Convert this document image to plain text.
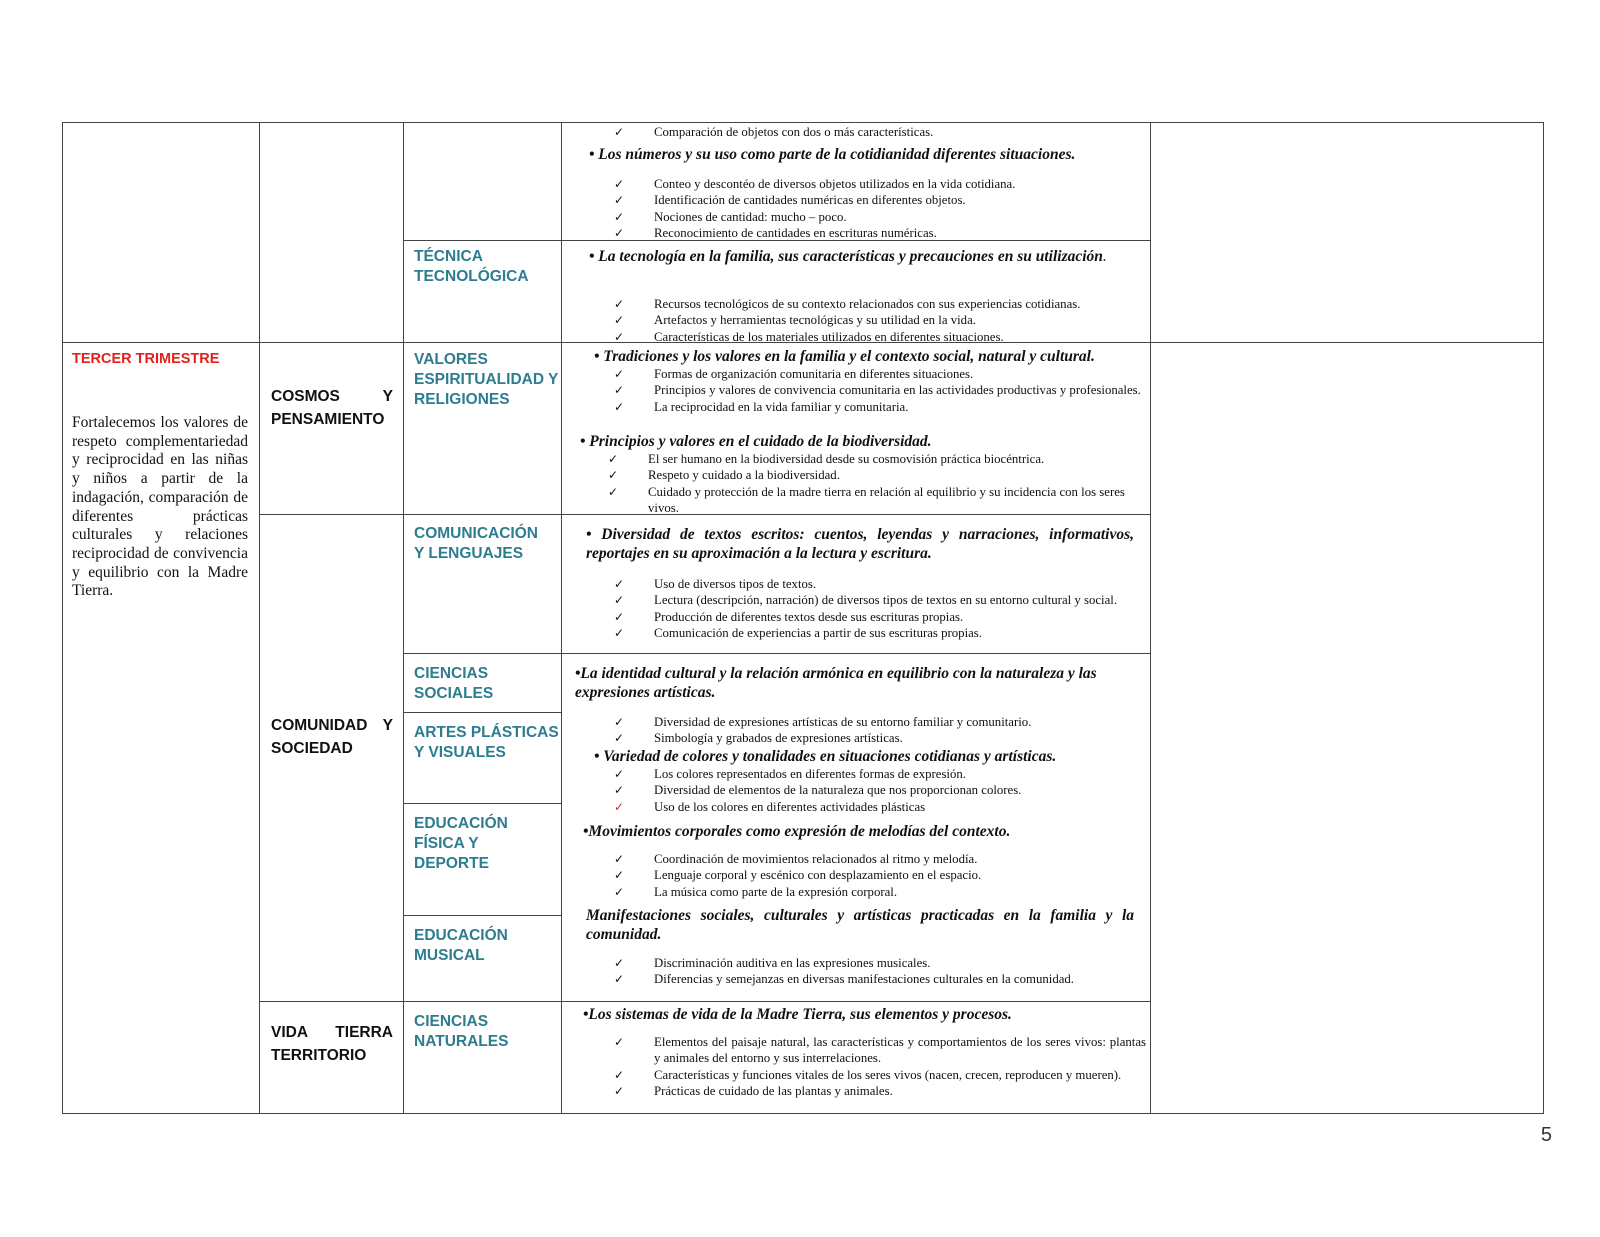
TERCER TRIMESTRE
Fortalecemos los valores de respeto complementariedad y reciprocidad en las niñas y niños a partir de la indagación, comparación de diferentes prácticas culturales y relaciones reciprocidad de convivencia y equilibrio con la Madre Tierra.
COSMOS	Y
PENSAMIENTO
COMUNIDAD Y
SOCIEDAD
VIDA TIERRA
TERRITORIO
TÉCNICA
TECNOLÓGICA
VALORES
ESPIRITUALIDAD Y
RELIGIONES
COMUNICACIÓN
Y LENGUAJES
CIENCIAS
SOCIALES
ARTES PLÁSTICAS
Y VISUALES
EDUCACIÓN
FÍSICA Y
DEPORTE
EDUCACIÓN
MUSICAL
CIENCIAS
NATURALES
✓ Comparación de objetos con dos o más características.
• Los números y su uso como parte de la cotidianidad diferentes situaciones.
✓ Conteo y descontéo de diversos objetos utilizados en la vida cotidiana.
✓ Identificación de cantidades numéricas en diferentes objetos.
✓ Nociones de cantidad: mucho – poco.
✓ Reconocimiento de cantidades en escrituras numéricas.
• La tecnología en la familia, sus características y precauciones en su utilización.
✓ Recursos tecnológicos de su contexto relacionados con sus experiencias cotidianas.
✓ Artefactos y herramientas tecnológicas y su utilidad en la vida.
✓ Características de los materiales utilizados en diferentes situaciones.
• Tradiciones y los valores en la familia y el contexto social, natural y cultural.
✓ Formas de organización comunitaria en diferentes situaciones.
✓ Principios y valores de convivencia comunitaria en las actividades productivas y profesionales.
✓ La reciprocidad en la vida familiar y comunitaria.
• Principios y valores en el cuidado de la biodiversidad.
✓ El ser humano en la biodiversidad desde su cosmovisión práctica biocéntrica.
✓ Respeto y cuidado a la biodiversidad.
✓ Cuidado y protección de la madre tierra en relación al equilibrio y su incidencia con los seres vivos.
• Diversidad de textos escritos: cuentos, leyendas y narraciones, informativos, reportajes en su aproximación a la lectura y escritura.
✓ Uso de diversos tipos de textos.
✓ Lectura (descripción, narración) de diversos tipos de textos en su entorno cultural y social.
✓ Producción de diferentes textos desde sus escrituras propias.
✓ Comunicación de experiencias a partir de sus escrituras propias.
•La identidad cultural y la relación armónica en equilibrio con la naturaleza y las expresiones artísticas.
✓ Diversidad de expresiones artísticas de su entorno familiar y comunitario.
✓ Simbología y grabados de expresiones artísticas.
• Variedad de colores y tonalidades en situaciones cotidianas y artísticas.
✓ Los colores representados en diferentes formas de expresión.
✓ Diversidad de elementos de la naturaleza que nos proporcionan colores.
✓ Uso de los colores en diferentes actividades plásticas
•Movimientos corporales como expresión de melodías del contexto.
✓ Coordinación de movimientos relacionados al ritmo y melodía.
✓ Lenguaje corporal y escénico con desplazamiento en el espacio.
✓ La música como parte de la expresión corporal.
Manifestaciones sociales, culturales y artísticas practicadas en la familia y la comunidad.
✓ Discriminación auditiva en las expresiones musicales.
✓ Diferencias y semejanzas en diversas manifestaciones culturales en la comunidad.
•Los sistemas de vida de la Madre Tierra, sus elementos y procesos.
✓ Elementos del paisaje natural, las características y comportamientos de los seres vivos: plantas y animales del entorno y sus interrelaciones.
✓ Características y funciones vitales de los seres vivos (nacen, crecen, reproducen y mueren).
✓ Prácticas de cuidado de las plantas y animales.
5
